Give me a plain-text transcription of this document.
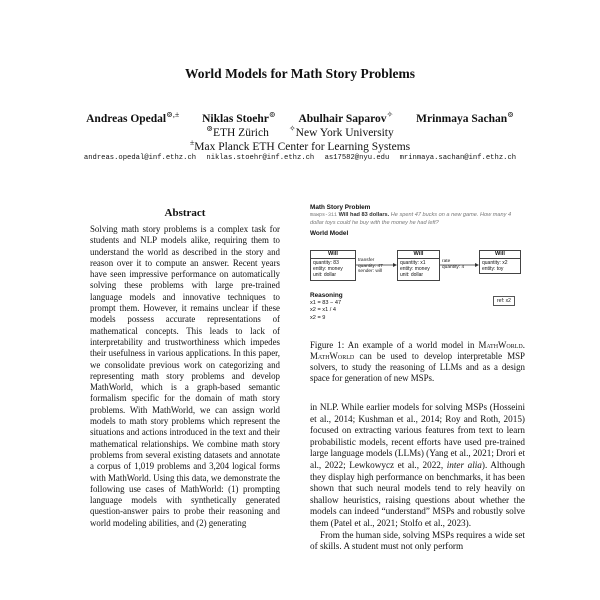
World Models for Math Story Problems
Andreas Opedal⊚,± Niklas Stoehr⊚ Abulhair Saparov✧ Mrinmaya Sachan⊚
⊚ETH Zürich	✧New York University
±Max Planck ETH Center for Learning Systems
andreas.opedal@inf.ethz.ch niklas.stoehr@inf.ethz.ch as17582@nyu.edu mrinmaya.sachan@inf.ethz.ch
Abstract

Solving math story problems is a complex task for students and NLP models alike, requiring them to understand the world as described in the story and reason over it to compute an answer. Recent years have seen impressive performance on automatically solving these problems with large pre-trained language models and innovative techniques to prompt them. However, it remains unclear if these models possess accurate representations of mathematical concepts. This leads to lack of interpretability and trustworthiness which impedes their usefulness in various applications. In this paper, we consolidate previous work on categorizing and representing math story problems and develop MathWorld, which is a graph-based semantic formalism specific for the domain of math story problems. With MathWorld, we can assign world models to math story problems which represent the situations and actions introduced in the text and their mathematical relationships. We combine math story problems from several existing datasets and annotate a corpus of 1,019 problems and 3,204 logical forms with MathWorld. Using this data, we demonstrate the following use cases of MathWorld: (1) prompting language models with synthetically generated question-answer pairs to probe their reasoning and world modeling abilities, and (2) generating

Math Story Problem
mawps-311 Will had 83 dollars. He spent 47 bucks on a new game. How many 4 dollar toys could he buy with the money he had left?
World Model
Will
quantity: 83
entity: money
unit: dollar
transfer
quantity: 47
sender: will
Will
quantity: x1
entity: money
unit: dollar
rate
quantity: 4
Will
quantity: x2
entity: toy
Reasoning
x1 = 83 − 47
x2 = x1 / 4
x2 = 9
ref: x2
Figure 1: An example of a world model in MathWorld. MathWorld can be used to develop interpretable MSP solvers, to study the reasoning of LLMs and as a design space for generation of new MSPs.

in NLP. While earlier models for solving MSPs (Hosseini et al., 2014; Kushman et al., 2014; Roy and Roth, 2015) focused on extracting various features from text to learn probabilistic models, recent efforts have used pre-trained large language models (LLMs) (Yang et al., 2021; Drori et al., 2022; Lewkowycz et al., 2022, inter alia). Although they display high performance on benchmarks, it has been shown that such neural models tend to rely heavily on shallow heuristics, raising questions about whether the models can indeed “understand” MSPs and robustly solve them (Patel et al., 2021; Stolfo et al., 2023).

From the human side, solving MSPs requires a wide set of skills. A student must not only perform
